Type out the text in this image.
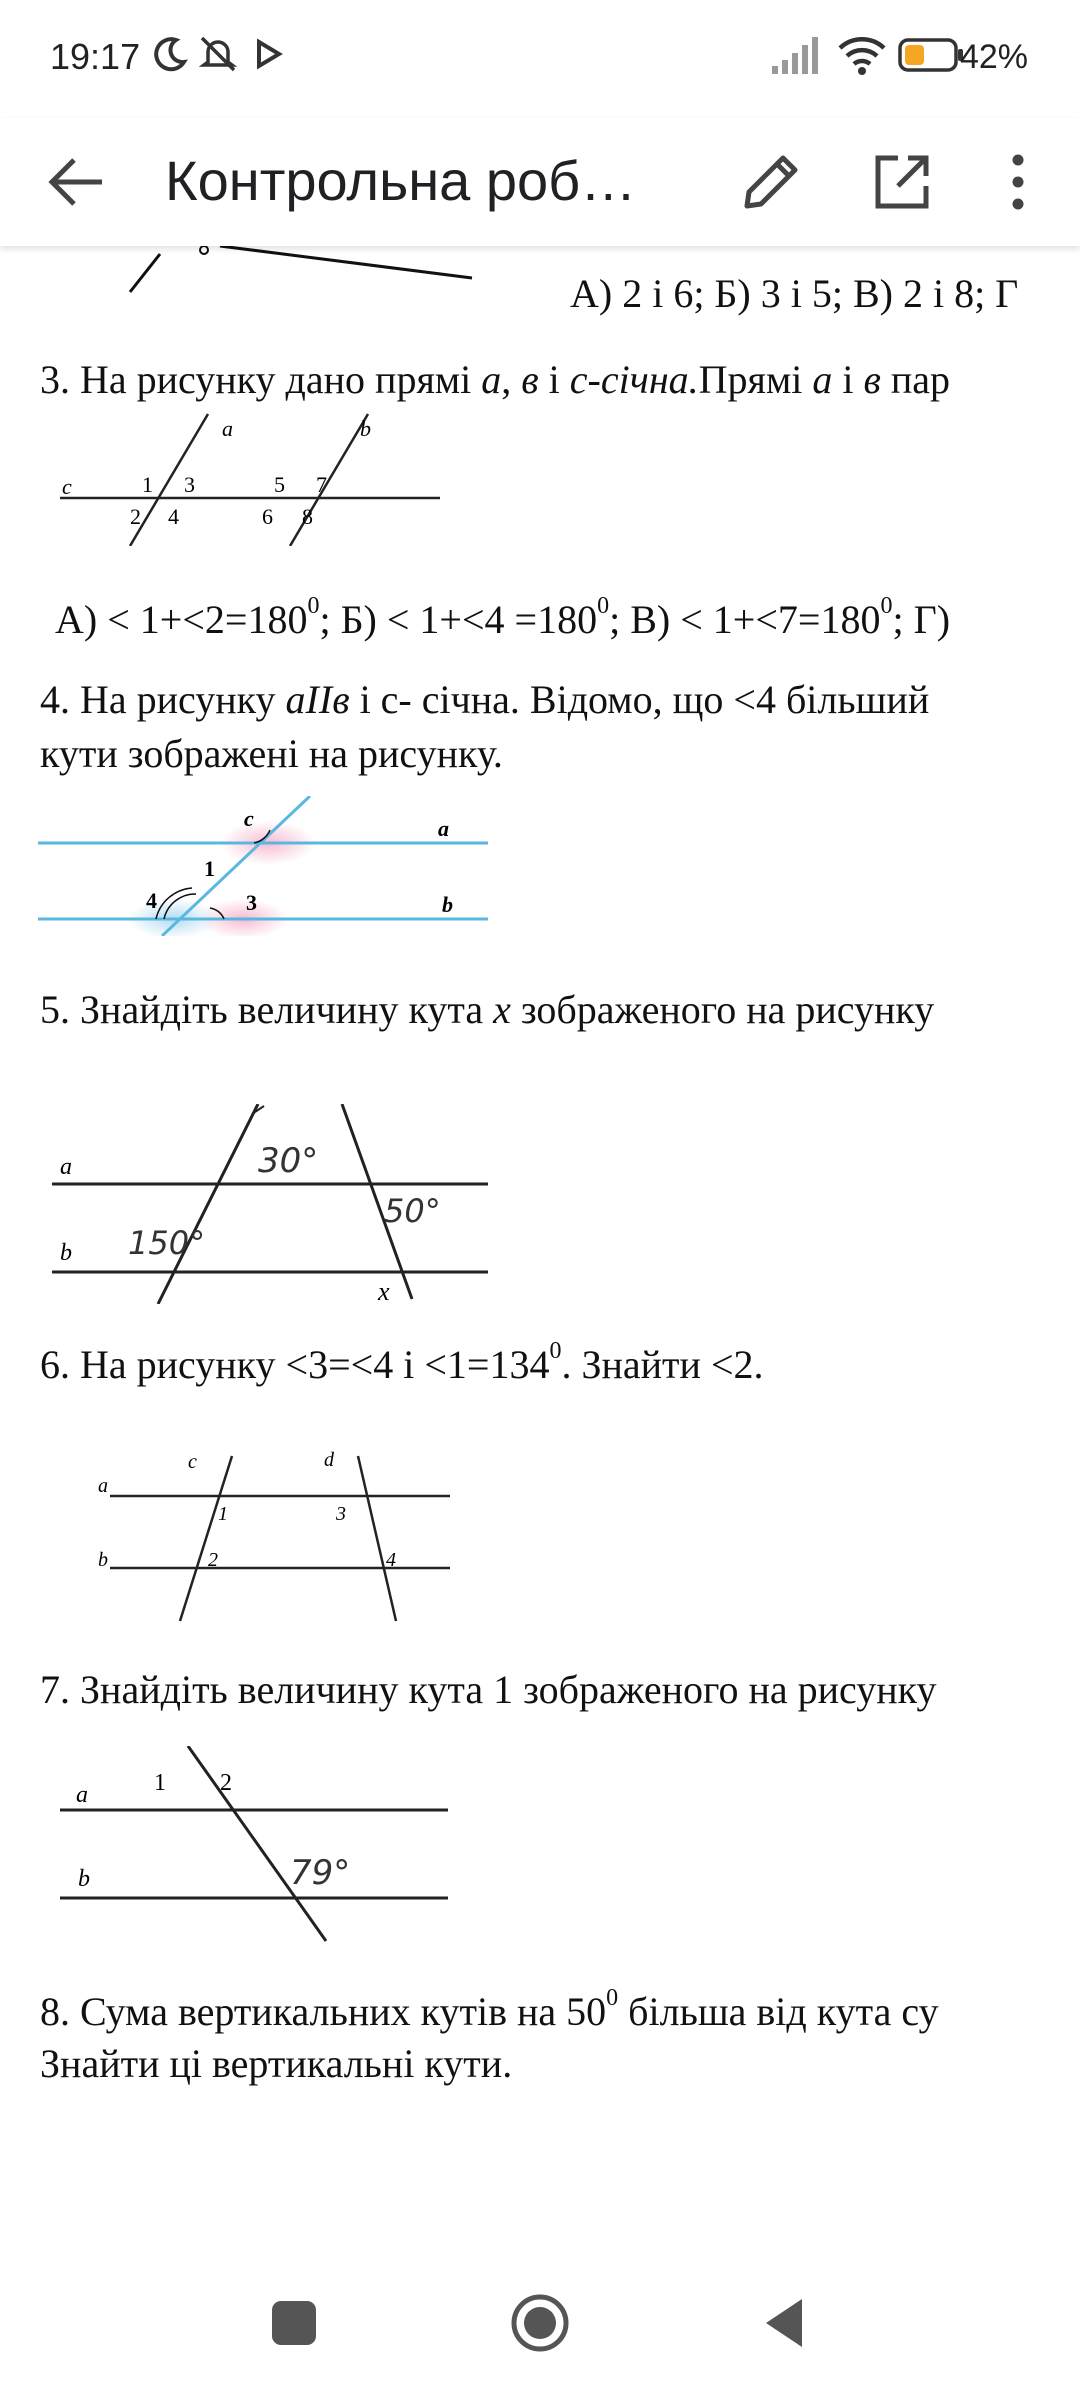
19:17	42%
Контрольна роб…
А) 2 і 6; Б) 3 і 5; В) 2 і 8; Г
3. На рисунку дано прямі а, в і с-січна.Прямі а і в пар
a	b
c	1 3	5 7
2 4	6 8
$А) < 1+<2=180^0$; $Б) < 1+<4 =180^0$; $В) < 1+<7=180^0$; Г)
4. На рисунку аIIв і с- січна. Відомо, що <4 більший
кути зображені на рисунку.
c	a
1
4	3	b
5. Знайдіть величину кута х зображеного на рисунку
a
b
30°
50°
150°
x
6. На рисунку <3=<4 $і <1=134^0$. Знайти <2.
c	d
a
1	3
b	2	4
7. Знайдіть величину кута 1 зображеного на рисунку
a	1 2
b	79°
8. Сума вертикальних кутів на $50^0$ більша від кута су
Знайти ці вертикальні кути.
